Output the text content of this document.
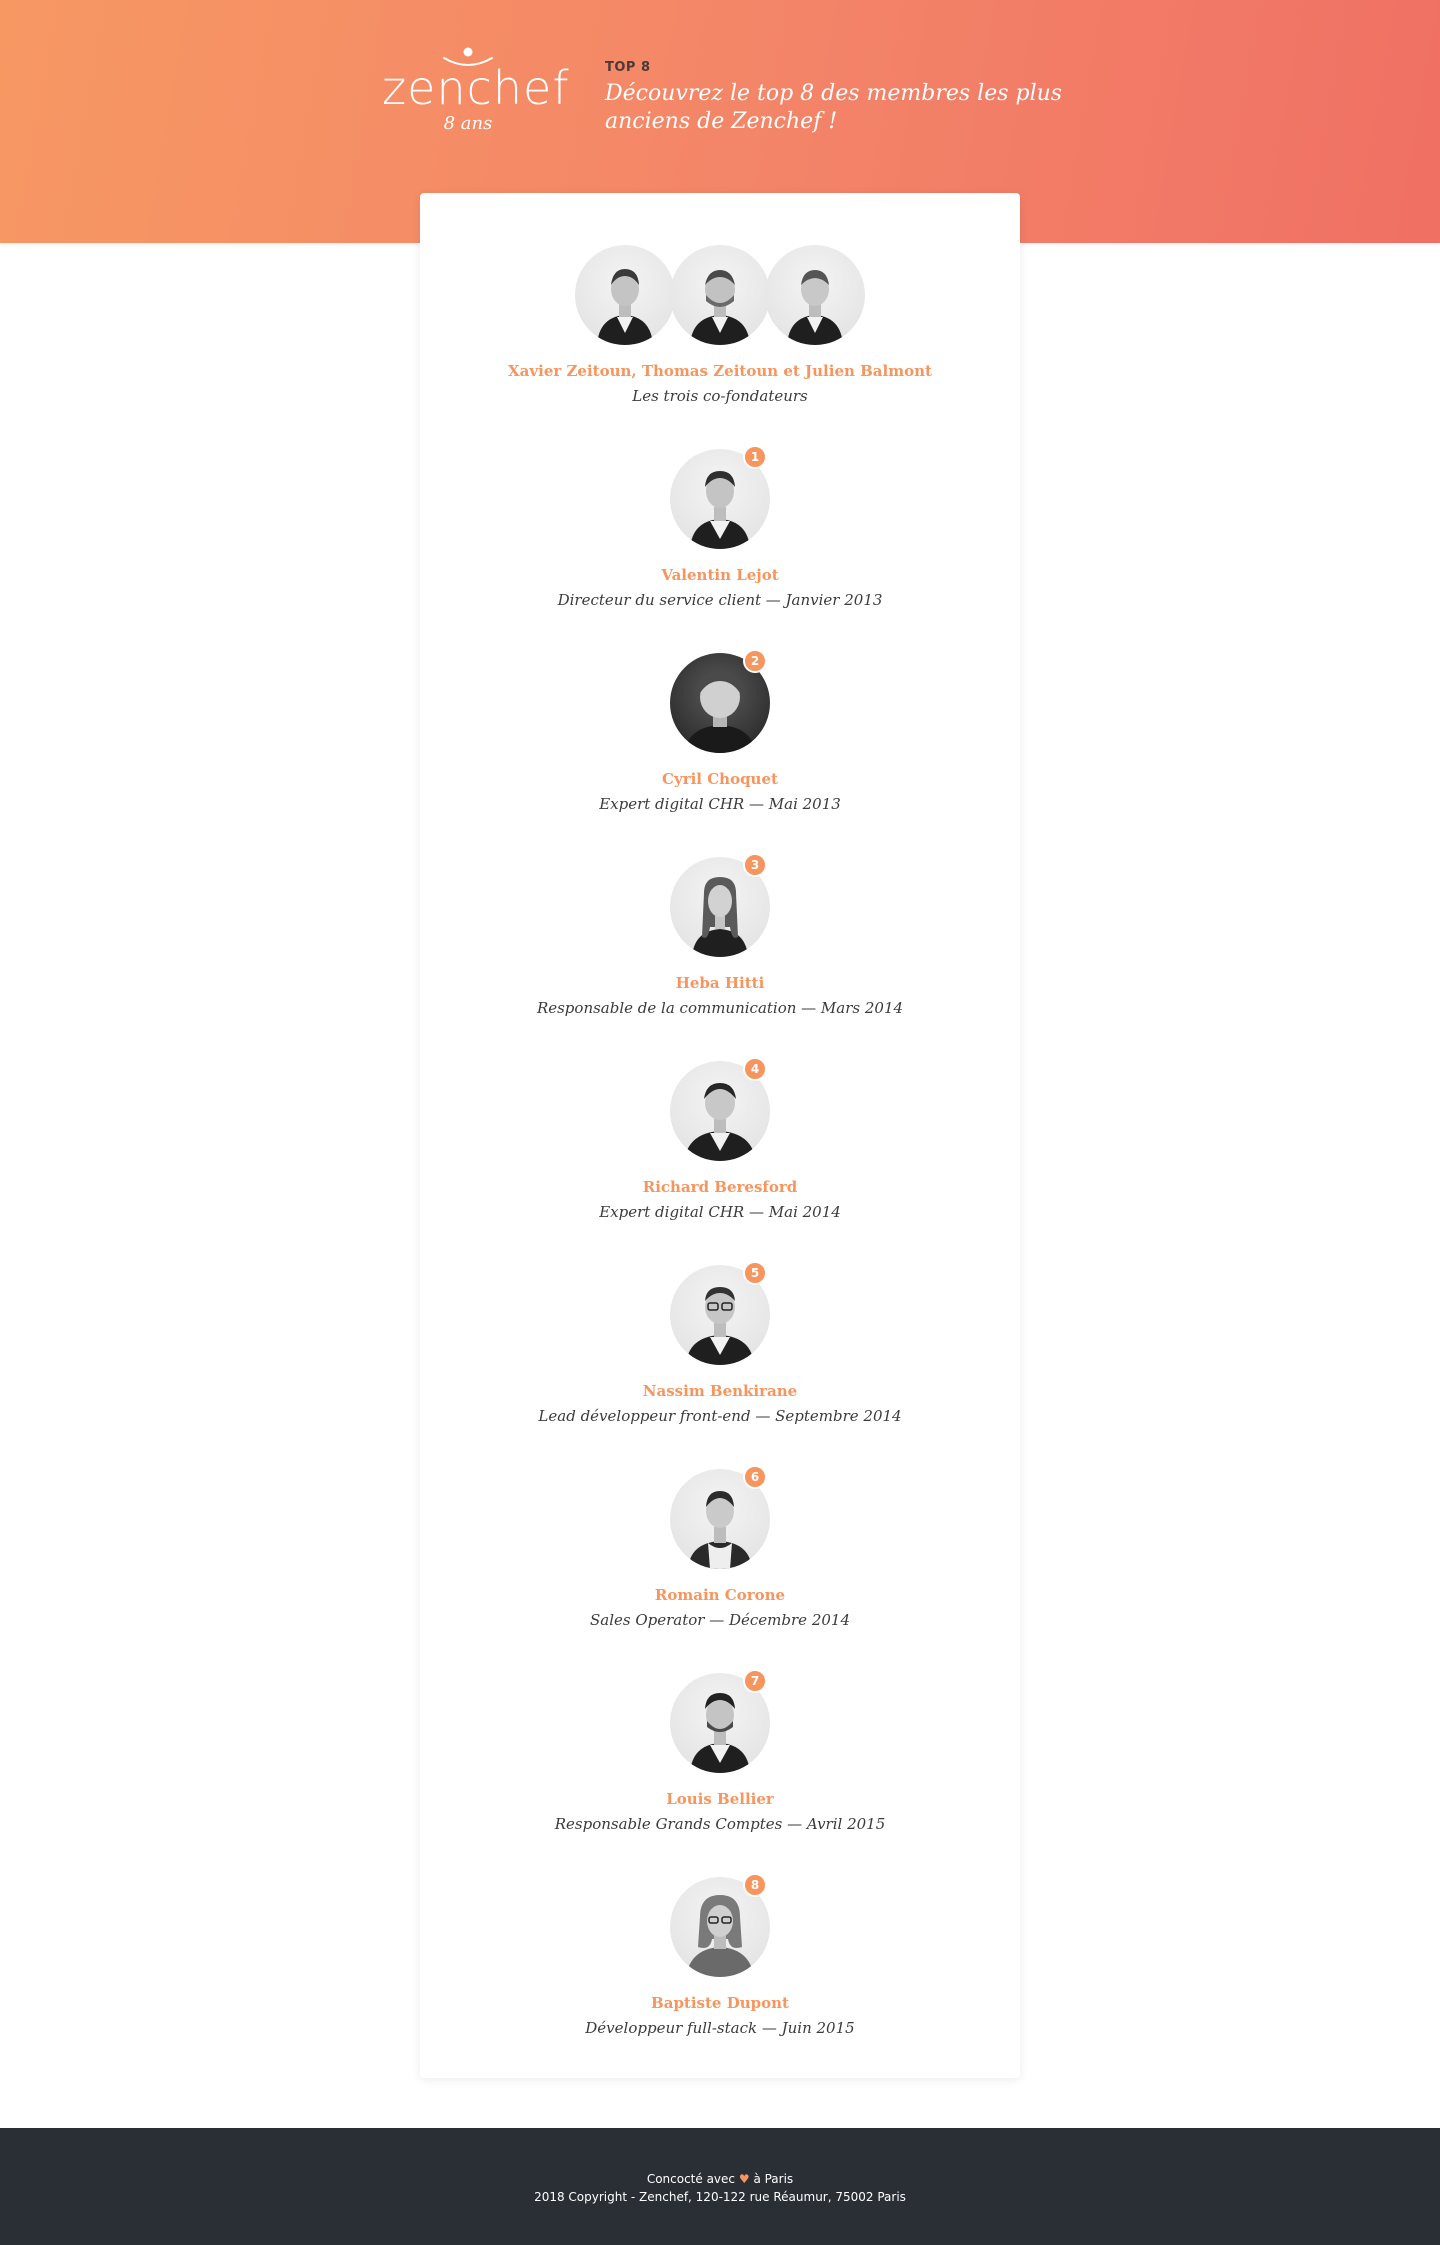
zenchef
8 ans
TOP 8
Découvrez le top 8 des membres les plus anciens de Zenchef !
Xavier Zeitoun, Thomas Zeitoun et Julien Balmont
Les trois co-fondateurs
1
Valentin Lejot
Directeur du service client — Janvier 2013
2
Cyril Choquet
Expert digital CHR — Mai 2013
3
Heba Hitti
Responsable de la communication — Mars 2014
4
Richard Beresford
Expert digital CHR — Mai 2014
5
Nassim Benkirane
Lead développeur front-end — Septembre 2014
6
Romain Corone
Sales Operator — Décembre 2014
7
Louis Bellier
Responsable Grands Comptes — Avril 2015
8
Baptiste Dupont
Développeur full-stack — Juin 2015
Concocté avec ♥ à Paris
2018 Copyright - Zenchef, 120-122 rue Réaumur, 75002 Paris
